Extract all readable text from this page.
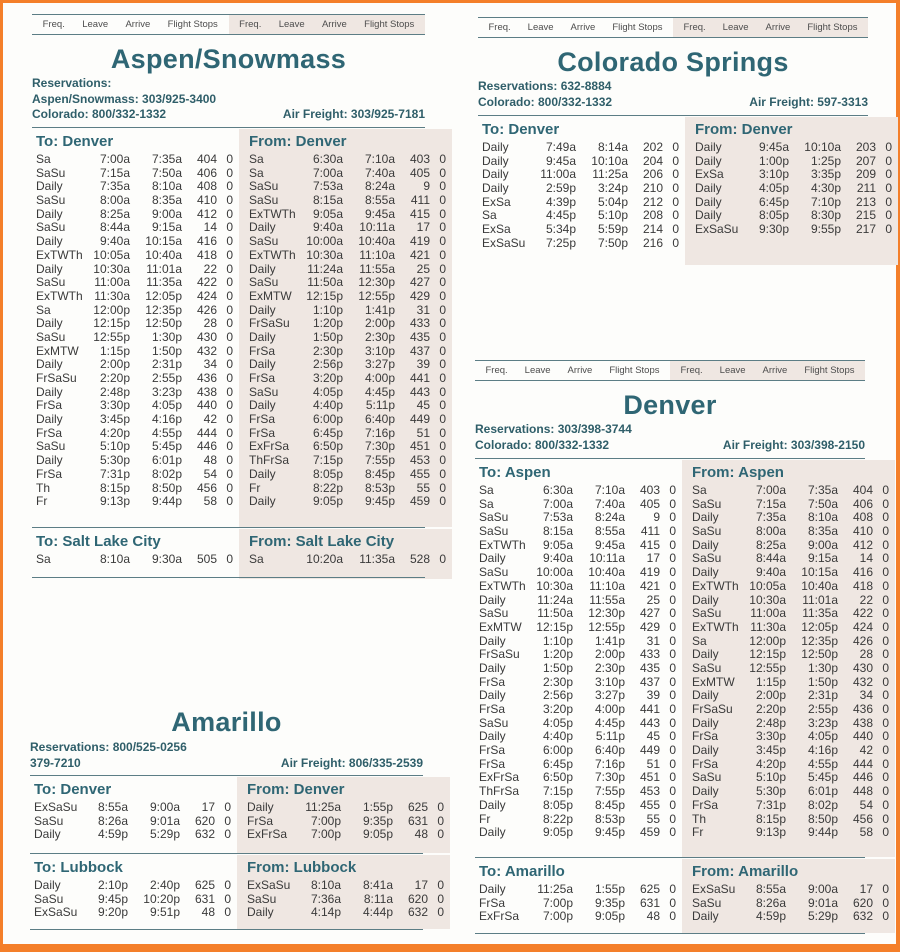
Freq. Leave Arrive Flight Stops Freq. Leave Arrive Flight Stops
Aspen/Snowmass
Reservations:
Aspen/Snowmass: 303/925-3400
Colorado: 800/332-1332	Air Freight: 303/925-7181
To: Denver
Sa	7:00a	7:35a	404 0
SaSu	7:15a	7:50a	406 0
Daily	7:35a	8:10a	408 0
SaSu	8:00a	8:35a	410 0
Daily	8:25a	9:00a	412 0
SaSu	8:44a	9:15a	14 0
Daily	9:40a	10:15a	416 0
ExTWTh 10:05a	10:40a	418 0
Daily	10:30a	11:01a	22 0
SaSu	11:00a	11:35a	422 0
ExTWTh 11:30a	12:05p	424 0
Sa	12:00p	12:35p	426 0
Daily	12:15p	12:50p	28 0
SaSu	12:55p	1:30p	430 0
ExMTW	1:15p	1:50p	432 0
Daily	2:00p	2:31p	34 0
FrSaSu	2:20p	2:55p	436 0
Daily	2:48p	3:23p	438 0
FrSa	3:30p	4:05p	440 0
Daily	3:45p	4:16p	42 0
FrSa	4:20p	4:55p	444 0
SaSu	5:10p	5:45p	446 0
Daily	5:30p	6:01p	48 0
FrSa	7:31p	8:02p	54 0
Th	8:15p	8:50p	456 0
Fr	9:13p	9:44p	58 0
From: Denver
Sa	6:30a	7:10a	403 0
Sa	7:00a	7:40a	405 0
SaSu	7:53a	8:24a	9 0
SaSu	8:15a	8:55a	411 0
ExTWTh	9:05a	9:45a	415 0
Daily	9:40a	10:11a	17 0
SaSu	10:00a	10:40a	419 0
ExTWTh 10:30a	11:10a	421 0
Daily	11:24a	11:55a	25 0
SaSu	11:50a	12:30p	427 0
ExMTW	12:15p	12:55p	429 0
Daily	1:10p	1:41p	31 0
FrSaSu	1:20p	2:00p	433 0
Daily	1:50p	2:30p	435 0
FrSa	2:30p	3:10p	437 0
Daily	2:56p	3:27p	39 0
FrSa	3:20p	4:00p	441 0
SaSu	4:05p	4:45p	443 0
Daily	4:40p	5:11p	45 0
FrSa	6:00p	6:40p	449 0
FrSa	6:45p	7:16p	51 0
ExFrSa	6:50p	7:30p	451 0
ThFrSa	7:15p	7:55p	453 0
Daily	8:05p	8:45p	455 0
Fr	8:22p	8:53p	55 0
Daily	9:05p	9:45p	459 0
To: Salt Lake City
Sa	8:10a	9:30a	505 0
From: Salt Lake City
Sa	10:20a	11:35a	528 0
Amarillo
Reservations: 800/525-0256
379-7210	Air Freight: 806/335-2539
To: Denver
ExSaSu	8:55a	9:00a	17 0
SaSu	8:26a	9:01a	620 0
Daily	4:59p	5:29p	632 0
From: Denver
Daily	11:25a	1:55p	625 0
FrSa	7:00p	9:35p	631 0
ExFrSa	7:00p	9:05p	48 0
To: Lubbock
Daily	2:10p	2:40p	625 0
SaSu	9:45p	10:20p	631 0
ExSaSu	9:20p	9:51p	48 0
From: Lubbock
ExSaSu	8:10a	8:41a	17 0
SaSu	7:36a	8:11a	620 0
Daily	4:14p	4:44p	632 0
Freq. Leave Arrive Flight Stops Freq. Leave Arrive Flight Stops
Colorado Springs
Reservations: 632-8884
Colorado: 800/332-1332	Air Freight: 597-3313
To: Denver
Daily	7:49a	8:14a	202 0
Daily	9:45a	10:10a	204 0
Daily	11:00a	11:25a	206 0
Daily	2:59p	3:24p	210 0
ExSa	4:39p	5:04p	212 0
Sa	4:45p	5:10p	208 0
ExSa	5:34p	5:59p	214 0
ExSaSu	7:25p	7:50p	216 0
From: Denver
Daily	9:45a	10:10a	203 0
Daily	1:00p	1:25p	207 0
ExSa	3:10p	3:35p	209 0
Daily	4:05p	4:30p	211 0
Daily	6:45p	7:10p	213 0
Daily	8:05p	8:30p	215 0
ExSaSu	9:30p	9:55p	217 0
Freq. Leave Arrive Flight Stops Freq. Leave Arrive Flight Stops
Denver
Reservations: 303/398-3744
Colorado: 800/332-1332	Air Freight: 303/398-2150
To: Aspen
Sa	6:30a	7:10a	403 0
Sa	7:00a	7:40a	405 0
SaSu	7:53a	8:24a	9 0
SaSu	8:15a	8:55a	411 0
ExTWTh	9:05a	9:45a	415 0
Daily	9:40a	10:11a	17 0
SaSu	10:00a	10:40a	419 0
ExTWTh 10:30a	11:10a	421 0
Daily	11:24a	11:55a	25 0
SaSu	11:50a	12:30p	427 0
ExMTW	12:15p	12:55p	429 0
Daily	1:10p	1:41p	31 0
FrSaSu	1:20p	2:00p	433 0
Daily	1:50p	2:30p	435 0
FrSa	2:30p	3:10p	437 0
Daily	2:56p	3:27p	39 0
FrSa	3:20p	4:00p	441 0
SaSu	4:05p	4:45p	443 0
Daily	4:40p	5:11p	45 0
FrSa	6:00p	6:40p	449 0
FrSa	6:45p	7:16p	51 0
ExFrSa	6:50p	7:30p	451 0
ThFrSa	7:15p	7:55p	453 0
Daily	8:05p	8:45p	455 0
Fr	8:22p	8:53p	55 0
Daily	9:05p	9:45p	459 0
From: Aspen
Sa	7:00a	7:35a	404 0
SaSu	7:15a	7:50a	406 0
Daily	7:35a	8:10a	408 0
SaSu	8:00a	8:35a	410 0
Daily	8:25a	9:00a	412 0
SaSu	8:44a	9:15a	14 0
Daily	9:40a	10:15a	416 0
ExTWTh 10:05a	10:40a	418 0
Daily	10:30a	11:01a	22 0
SaSu	11:00a	11:35a	422 0
ExTWTh 11:30a	12:05p	424 0
Sa	12:00p	12:35p	426 0
Daily	12:15p	12:50p	28 0
SaSu	12:55p	1:30p	430 0
ExMTW	1:15p	1:50p	432 0
Daily	2:00p	2:31p	34 0
FrSaSu	2:20p	2:55p	436 0
Daily	2:48p	3:23p	438 0
FrSa	3:30p	4:05p	440 0
Daily	3:45p	4:16p	42 0
FrSa	4:20p	4:55p	444 0
SaSu	5:10p	5:45p	446 0
Daily	5:30p	6:01p	448 0
FrSa	7:31p	8:02p	54 0
Th	8:15p	8:50p	456 0
Fr	9:13p	9:44p	58 0
To: Amarillo
Daily	11:25a	1:55p	625 0
FrSa	7:00p	9:35p	631 0
ExFrSa	7:00p	9:05p	48 0
From: Amarillo
ExSaSu	8:55a	9:00a	17 0
SaSu	8:26a	9:01a	620 0
Daily	4:59p	5:29p	632 0
